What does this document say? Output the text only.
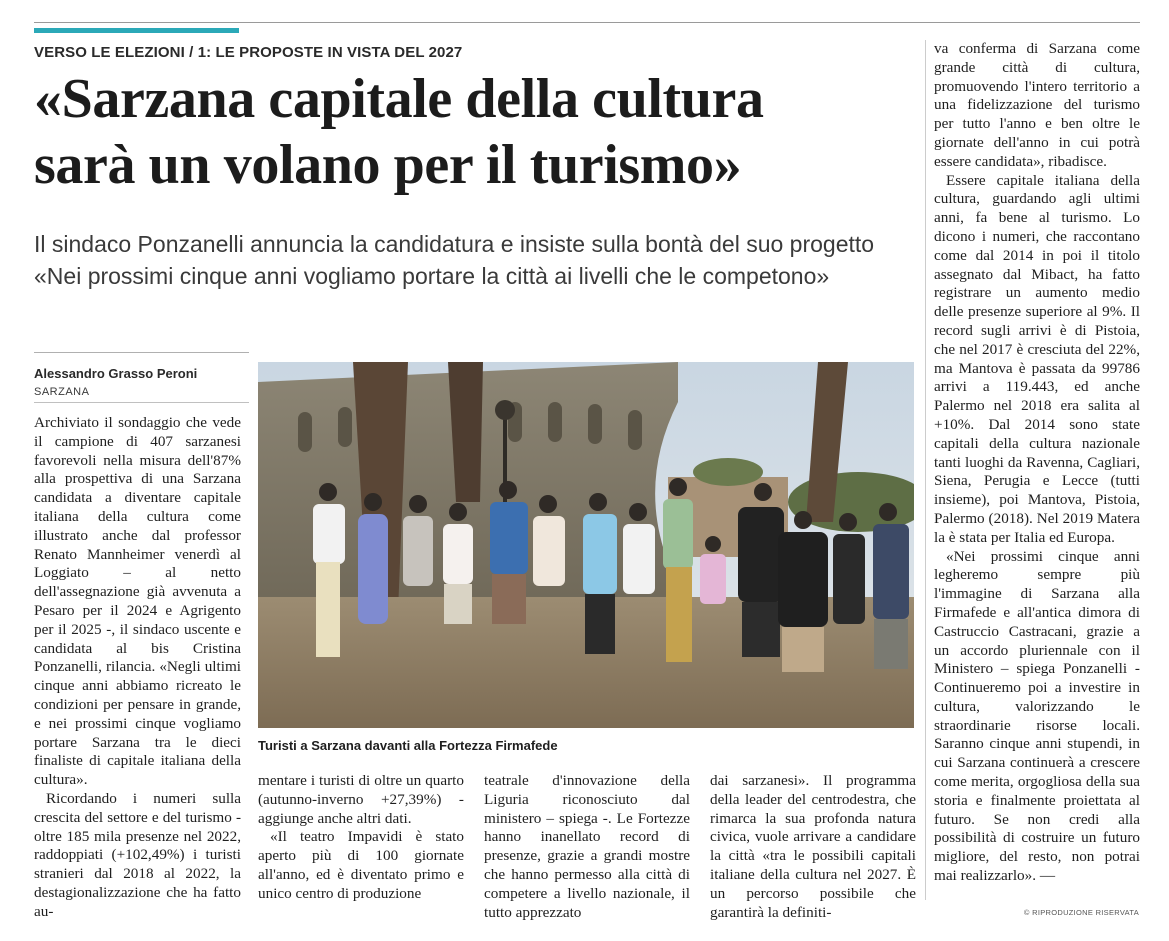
VERSO LE ELEZIONI / 1: LE PROPOSTE IN VISTA DEL 2027
«Sarzana capitale della cultura
sarà un volano per il turismo»
Il sindaco Ponzanelli annuncia la candidatura e insiste sulla bontà del suo progetto
«Nei prossimi cinque anni vogliamo portare la città ai livelli che le competono»
Alessandro Grasso Peroni
SARZANA

Archiviato il sondaggio che vede il campione di 407 sarzanesi favorevoli nella misura dell'87% alla prospettiva di una Sarzana candidata a diventare capitale italiana della cultura come illustrato anche dal professor Renato Mannheimer venerdì al Loggiato – al netto dell'assegnazione già avvenuta a Pesaro per il 2024 e Agrigento per il 2025 -, il sindaco uscente e candidata al bis Cristina Ponzanelli, rilancia. «Negli ultimi cinque anni abbiamo ricreato le condizioni per pensare in grande, e nei prossimi cinque vogliamo portare Sarzana tra le dieci finaliste di capitale italiana della cultura».

Ricordando i numeri sulla crescita del settore e del turismo - oltre 185 mila presenze nel 2022, raddoppiati (+102,49%) i turisti stranieri dal 2018 al 2022, la destagionalizzazione che ha fatto au-

Turisti a Sarzana davanti alla Fortezza Firmafede

mentare i turisti di oltre un quarto (autunno-inverno +27,39%) - aggiunge anche altri dati.

«Il teatro Impavidi è stato aperto più di 100 giornate all'anno, ed è diventato primo e unico centro di produzione

teatrale d'innovazione della Liguria riconosciuto dal ministero – spiega -. Le Fortezze hanno inanellato record di presenze, grazie a grandi mostre che hanno permesso alla città di competere a livello nazionale, il tutto apprezzato

dai sarzanesi». Il programma della leader del centrodestra, che rimarca la sua profonda natura civica, vuole arrivare a candidare la città «tra le possibili capitali italiane della cultura nel 2027. È un percorso possibile che garantirà la definiti-

va conferma di Sarzana come grande città di cultura, promuovendo l'intero territorio a una fidelizzazione del turismo per tutto l'anno e ben oltre le giornate dell'anno in cui potrà essere candidata», ribadisce.

Essere capitale italiana della cultura, guardando agli ultimi anni, fa bene al turismo. Lo dicono i numeri, che raccontano come dal 2014 in poi il titolo assegnato dal Mibact, ha fatto registrare un aumento medio delle presenze superiore al 9%. Il record sugli arrivi è di Pistoia, che nel 2017 è cresciuta del 22%, ma Mantova è passata da 99786 arrivi a 119.443, ed anche Palermo nel 2018 era salita al +10%. Dal 2014 sono state capitali della cultura nazionale tanti luoghi da Ravenna, Cagliari, Siena, Perugia e Lecce (tutti insieme), poi Mantova, Pistoia, Palermo (2018). Nel 2019 Matera la è stata per Italia ed Europa.

«Nei prossimi cinque anni legheremo sempre più l'immagine di Sarzana alla Firmafede e all'antica dimora di Castruccio Castracani, grazie a un accordo pluriennale con il Ministero – spiega Ponzanelli - Continueremo poi a investire in cultura, valorizzando le straordinarie risorse locali. Saranno cinque anni stupendi, in cui Sarzana continuerà a crescere come merita, orgogliosa della sua storia e finalmente proiettata al futuro. Se non credi alla possibilità di costruire un futuro migliore, del resto, non potrai mai realizzarlo». —

© RIPRODUZIONE RISERVATA
